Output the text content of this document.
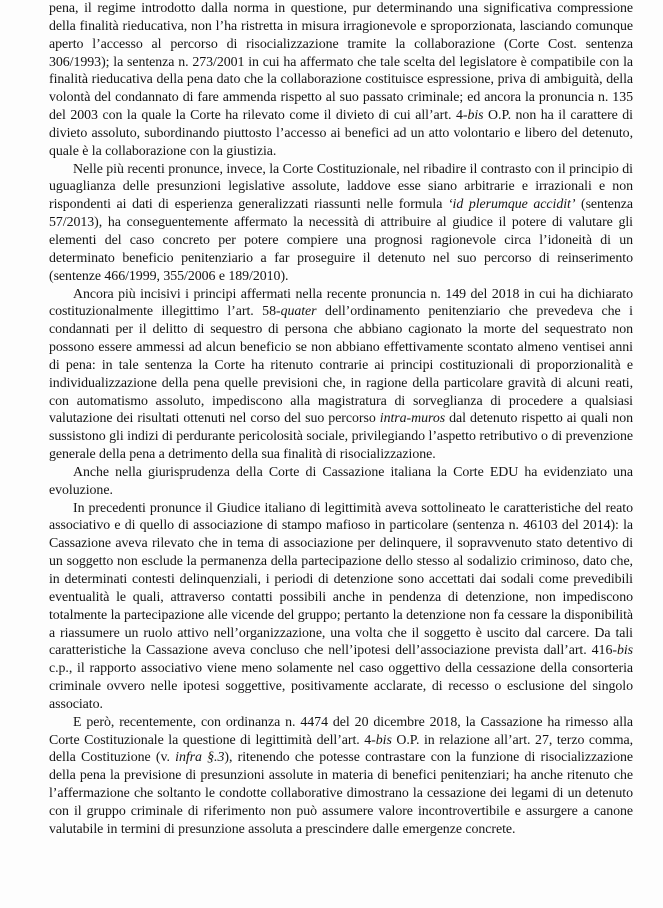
pena, il regime introdotto dalla norma in questione, pur determinando una significativa compressione della finalità rieducativa, non l’ha ristretta in misura irragionevole e sproporzionata, lasciando comunque aperto l’accesso al percorso di risocializzazione tramite la collaborazione (Corte Cost. sentenza 306/1993); la sentenza n. 273/2001 in cui ha affermato che tale scelta del legislatore è compatibile con la finalità rieducativa della pena dato che la collaborazione costituisce espressione, priva di ambiguità, della volontà del condannato di fare ammenda rispetto al suo passato criminale; ed ancora la pronuncia n. 135 del 2003 con la quale la Corte ha rilevato come il divieto di cui all’art. 4-bis O.P. non ha il carattere di divieto assoluto, subordinando piuttosto l’accesso ai benefici ad un atto volontario e libero del detenuto, quale è la collaborazione con la giustizia.

Nelle più recenti pronunce, invece, la Corte Costituzionale, nel ribadire il contrasto con il principio di uguaglianza delle presunzioni legislative assolute, laddove esse siano arbitrarie e irrazionali e non rispondenti ai dati di esperienza generalizzati riassunti nelle formula ‘id plerumque accidit’ (sentenza 57/2013), ha conseguentemente affermato la necessità di attribuire al giudice il potere di valutare gli elementi del caso concreto per potere compiere una prognosi ragionevole circa l’idoneità di un determinato beneficio penitenziario a far proseguire il detenuto nel suo percorso di reinserimento (sentenze 466/1999, 355/2006 e 189/2010).

Ancora più incisivi i principi affermati nella recente pronuncia n. 149 del 2018 in cui ha dichiarato costituzionalmente illegittimo l’art. 58-quater dell’ordinamento penitenziario che prevedeva che i condannati per il delitto di sequestro di persona che abbiano cagionato la morte del sequestrato non possono essere ammessi ad alcun beneficio se non abbiano effettivamente scontato almeno ventisei anni di pena: in tale sentenza la Corte ha ritenuto contrarie ai principi costituzionali di proporzionalità e individualizzazione della pena quelle previsioni che, in ragione della particolare gravità di alcuni reati, con automatismo assoluto, impediscono alla magistratura di sorveglianza di procedere a qualsiasi valutazione dei risultati ottenuti nel corso del suo percorso intra-muros dal detenuto rispetto ai quali non sussistono gli indizi di perdurante pericolosità sociale, privilegiando l’aspetto retributivo o di prevenzione generale della pena a detrimento della sua finalità di risocializzazione.

Anche nella giurisprudenza della Corte di Cassazione italiana la Corte EDU ha evidenziato una evoluzione.

In precedenti pronunce il Giudice italiano di legittimità aveva sottolineato le caratteristiche del reato associativo e di quello di associazione di stampo mafioso in particolare (sentenza n. 46103 del 2014): la Cassazione aveva rilevato che in tema di associazione per delinquere, il sopravvenuto stato detentivo di un soggetto non esclude la permanenza della partecipazione dello stesso al sodalizio criminoso, dato che, in determinati contesti delinquenziali, i periodi di detenzione sono accettati dai sodali come prevedibili eventualità le quali, attraverso contatti possibili anche in pendenza di detenzione, non impediscono totalmente la partecipazione alle vicende del gruppo; pertanto la detenzione non fa cessare la disponibilità a riassumere un ruolo attivo nell’organizzazione, una volta che il soggetto è uscito dal carcere. Da tali caratteristiche la Cassazione aveva concluso che nell’ipotesi dell’associazione prevista dall’art. 416-bis c.p., il rapporto associativo viene meno solamente nel caso oggettivo della cessazione della consorteria criminale ovvero nelle ipotesi soggettive, positivamente acclarate, di recesso o esclusione del singolo associato.

E però, recentemente, con ordinanza n. 4474 del 20 dicembre 2018, la Cassazione ha rimesso alla Corte Costituzionale la questione di legittimità dell’art. 4-bis O.P. in relazione all’art. 27, terzo comma, della Costituzione (v. infra §.3), ritenendo che potesse contrastare con la funzione di risocializzazione della pena la previsione di presunzioni assolute in materia di benefici penitenziari; ha anche ritenuto che l’affermazione che soltanto le condotte collaborative dimostrano la cessazione dei legami di un detenuto con il gruppo criminale di riferimento non può assumere valore incontrovertibile e assurgere a canone valutabile in termini di presunzione assoluta a prescindere dalle emergenze concrete.
